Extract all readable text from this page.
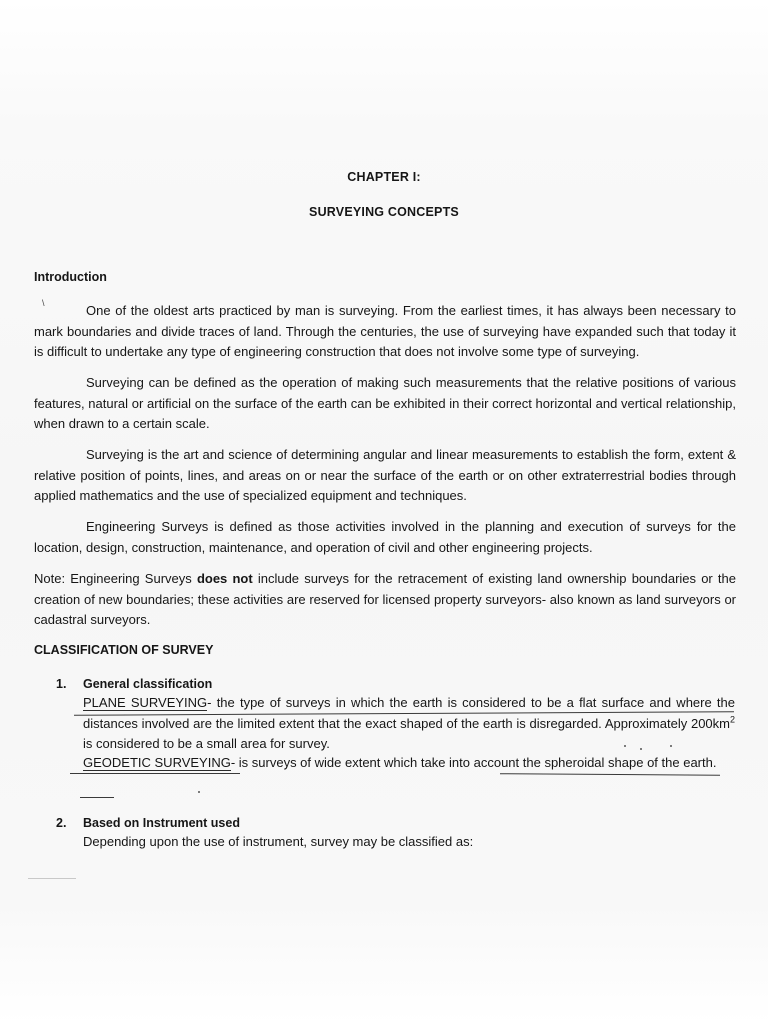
CHAPTER I:
SURVEYING CONCEPTS
Introduction
\	One of the oldest arts practiced by man is surveying. From the earliest times, it has always been necessary to mark boundaries and divide traces of land. Through the centuries, the use of surveying have expanded such that today it is difficult to undertake any type of engineering construction that does not involve some type of surveying.
Surveying can be defined as the operation of making such measurements that the relative positions of various features, natural or artificial on the surface of the earth can be exhibited in their correct horizontal and vertical relationship, when drawn to a certain scale.
Surveying is the art and science of determining angular and linear measurements to establish the form, extent & relative position of points, lines, and areas on or near the surface of the earth or on other extraterrestrial bodies through applied mathematics and the use of specialized equipment and techniques.
Engineering Surveys is defined as those activities involved in the planning and execution of surveys for the location, design, construction, maintenance, and operation of civil and other engineering projects.
Note: Engineering Surveys does not include surveys for the retracement of existing land ownership boundaries or the creation of new boundaries; these activities are reserved for licensed property surveyors- also known as land surveyors or cadastral surveyors.
CLASSIFICATION OF SURVEY
1. General classification
PLANE SURVEYING- the type of surveys in which the earth is considered to be a flat surface and where the distances involved are the limited extent that the exact shaped of the earth is disregarded. Approximately $200km^2$ is considered to be a small area for survey.
GEODETIC SURVEYING- is surveys of wide extent which take into account the spheroidal shape of the earth.
2. Based on Instrument used
Depending upon the use of instrument, survey may be classified as:
